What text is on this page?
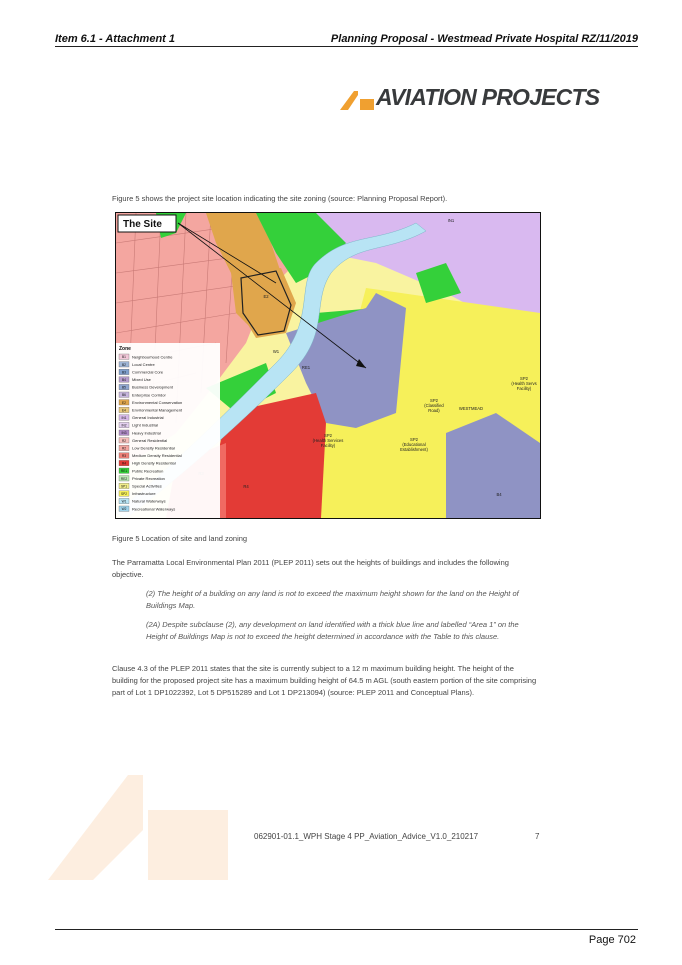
Item 6.1 - Attachment 1	Planning Proposal - Westmead Private Hospital RZ/11/2019
AVIATION PROJECTS
Figure 5 shows the project site location indicating the site zoning (source: Planning Proposal Report).
The Site
WESTMEAD
SP2
(Health Services
Facility)
SP2
(Educational
Establishment)
SP2
(Classified
Road)
SP2
(Health Servs
Facility)
IN1
W1
E2
RE1
R4
B4
Zone
B1 Neighbourhood Centre
B2 Local Centre
B3 Commercial Core
B4 Mixed Use
B5 Business Development
B6 Enterprise Corridor
E2 Environmental Conservation
E4 Environmental Management
IN1 General Industrial
IN2 Light Industrial
IN3 Heavy Industrial
R2 General Residential
R2 Low Density Residential
R3 Medium Density Residential
R4 High Density Residential
RE1 Public Recreation
RE2 Private Recreation
SP1 Special Activities
SP2 Infrastructure
W1 Natural Waterways
W2 Recreational Waterways
Figure 5 Location of site and land zoning
The Parramatta Local Environmental Plan 2011 (PLEP 2011) sets out the heights of buildings and includes the following objective.
(2) The height of a building on any land is not to exceed the maximum height shown for the land on the Height of Buildings Map.
(2A) Despite subclause (2), any development on land identified with a thick blue line and labelled “Area 1” on the Height of Buildings Map is not to exceed the height determined in accordance with the Table to this clause.
Clause 4.3 of the PLEP 2011 states that the site is currently subject to a 12 m maximum building height. The height of the building for the proposed project site has a maximum building height of 64.5 m AGL (south eastern portion of the site comprising part of Lot 1 DP1022392, Lot 5 DP515289 and Lot 1 DP213094) (source: PLEP 2011 and Conceptual Plans).
062901-01.1_WPH Stage 4 PP_Aviation_Advice_V1.0_210217	7
Page 702
